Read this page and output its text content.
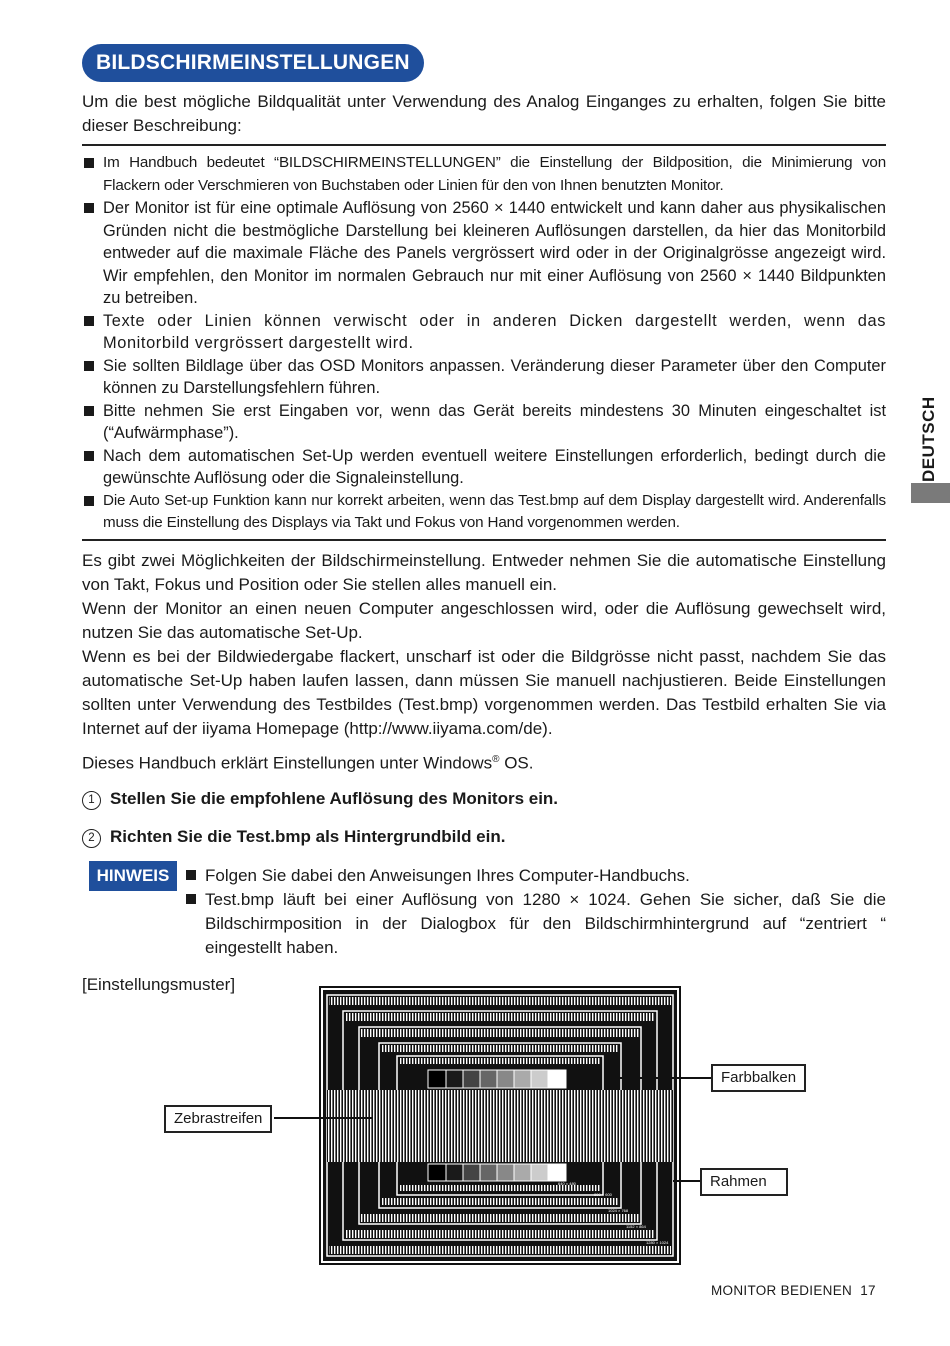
BILDSCHIRMEINSTELLUNGEN
Um die best mögliche Bildqualität unter Verwendung des Analog Einganges zu erhalten, folgen Sie bitte dieser Beschreibung:
Im Handbuch bedeutet “BILDSCHIRMEINSTELLUNGEN” die Einstellung der Bildposition, die Minimierung von Flackern oder Verschmieren von Buchstaben oder Linien für den von Ihnen benutzten Monitor.
Der Monitor ist für eine optimale Auflösung von 2560 × 1440 entwickelt und kann daher aus physikalischen Gründen nicht die bestmögliche Darstellung bei kleineren Auflösungen darstellen, da hier das Monitorbild entweder auf die maximale Fläche des Panels vergrössert wird oder in der Originalgrösse angezeigt wird. Wir empfehlen, den Monitor im normalen Gebrauch nur mit einer Auflösung von 2560 × 1440 Bildpunkten zu betreiben.
Texte oder Linien können verwischt oder in anderen Dicken dargestellt werden, wenn das Monitorbild vergrössert dargestellt wird.
Sie sollten Bildlage über das OSD Monitors anpassen. Veränderung dieser Parameter über den Computer können zu Darstellungsfehlern führen.
Bitte nehmen Sie erst Eingaben vor, wenn das Gerät bereits mindestens 30 Minuten eingeschaltet ist (“Aufwärmphase”).
Nach dem automatischen Set-Up werden eventuell weitere Einstellungen erforderlich, bedingt durch die gewünschte Auflösung oder die Signaleinstellung.
Die Auto Set-up Funktion kann nur korrekt arbeiten, wenn das Test.bmp auf dem Display dargestellt wird. Anderenfalls muss die Einstellung des Displays via Takt und Fokus von Hand vorgenommen werden.
DEUTSCH
Es gibt zwei Möglichkeiten der Bildschirmeinstellung. Entweder nehmen Sie die automatische Einstellung von Takt, Fokus und Position oder Sie stellen alles manuell ein.
Wenn der Monitor an einen neuen Computer angeschlossen wird, oder die Auflösung gewechselt wird, nutzen Sie das automatische Set-Up.
Wenn es bei der Bildwiedergabe flackert, unscharf ist oder die Bildgrösse nicht passt, nachdem Sie das automatische Set-Up haben laufen lassen, dann müssen Sie manuell nachjustieren. Beide Einstellungen sollten unter Verwendung des Testbildes (Test.bmp) vorgenommen werden. Das Testbild erhalten Sie via Internet auf der iiyama Homepage (http://www.iiyama.com/de).
Dieses Handbuch erklärt Einstellungen unter Windows® OS.
1 Stellen Sie die empfohlene Auflösung des Monitors ein.
2 Richten Sie die Test.bmp als Hintergrundbild ein.
HINWEIS	Folgen Sie dabei den Anweisungen Ihres Computer-Handbuchs.
Test.bmp läuft bei einer Auflösung von 1280 × 1024. Gehen Sie sicher, daß Sie die Bildschirmposition in der Dialogbox für den Bildschirmhintergrund auf “zentriert “ eingestellt haben.
[Einstellungsmuster]
640 × 480
800 × 600
1024 × 768
1152 × 864
1280 × 1024
Zebrastreifen
Farbbalken
Rahmen
MONITOR BEDIENEN 17
